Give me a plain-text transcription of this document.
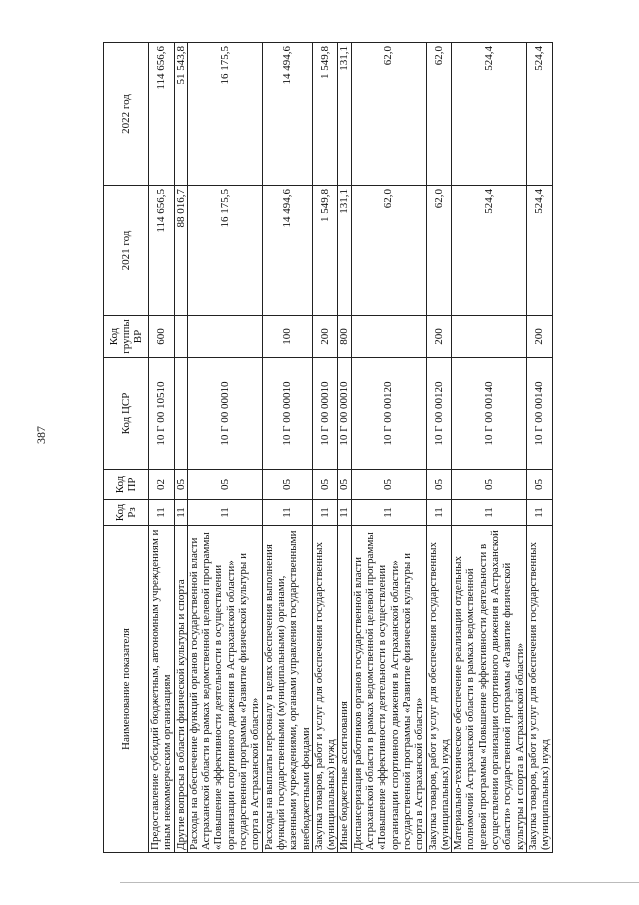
387
Наименование показателя	Код Рз	Код ПР	Код ЦСР	Код группы ВР	2021 год	2022 год
Предоставление субсидий бюджетным, автономным учреждениям и иным некоммерческим организациям	11	02	10 Г 00 10510	600	114 656,5	114 656,6
Другие вопросы в области физической культуры и спорта	11	05			88 016,7	51 543,8
Расходы на обеспечение функций органов государственной власти Астраханской области в рамках ведомственной целевой программы «Повышение эффективности деятельности в осуществлении организации спортивного движения в Астраханской области» государственной программы «Развитие физической культуры и спорта в Астраханской области»	11	05	10 Г 00 00010		16 175,5	16 175,5
Расходы на выплаты персоналу в целях обеспечения выполнения функций государственными (муниципальными) органами, казенными учреждениями, органами управления государственными внебюджетными фондами	11	05	10 Г 00 00010	100	14 494,6	14 494,6
Закупка товаров, работ и услуг для обеспечения государственных (муниципальных) нужд	11	05	10 Г 00 00010	200	1 549,8	1 549,8
Иные бюджетные ассигнования	11	05	10 Г 00 00010	800	131,1	131,1
Диспансеризация работников органов государственной власти Астраханской области в рамках ведомственной целевой программы «Повышение эффективности деятельности в осуществлении организации спортивного движения в Астраханской области» государственной программы «Развитие физической культуры и спорта в Астраханской области»	11	05	10 Г 00 00120		62,0	62,0
Закупка товаров, работ и услуг для обеспечения государственных (муниципальных) нужд	11	05	10 Г 00 00120	200	62,0	62,0
Материально-техническое обеспечение реализации отдельных полномочий Астраханской области в рамках ведомственной целевой программы «Повышение эффективности деятельности в осуществлении организации спортивного движения в Астраханской области» государственной программы «Развитие физической культуры и спорта в Астраханской области»	11	05	10 Г 00 00140		524,4	524,4
Закупка товаров, работ и услуг для обеспечения государственных (муниципальных) нужд	11	05	10 Г 00 00140	200	524,4	524,4
